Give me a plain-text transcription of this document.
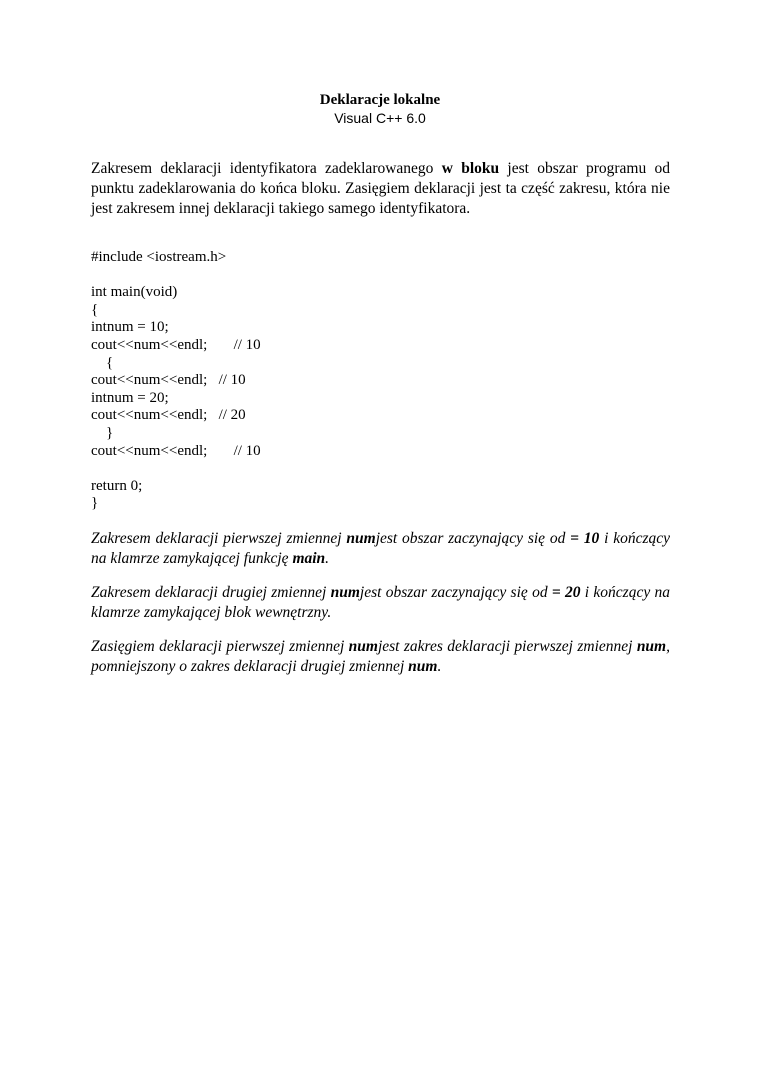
Deklaracje lokalne
Visual C++ 6.0
Zakresem deklaracji identyfikatora zadeklarowanego w bloku jest obszar programu od punktu zadeklarowania do końca bloku. Zasięgiem deklaracji jest ta część zakresu, która nie jest zakresem innej deklaracji takiego samego identyfikatora.
#include <iostream.h>
int main(void)
{
intnum = 10;
cout<<num<<endl;       // 10
{
cout<<num<<endl;   // 10
intnum = 20;
cout<<num<<endl;   // 20
}
cout<<num<<endl;       // 10
return 0;
}

Zakresem deklaracji pierwszej zmiennej numjest obszar zaczynający się od = 10 i kończący na klamrze zamykającej funkcję main.

Zakresem deklaracji drugiej zmiennej numjest obszar zaczynający się od = 20 i kończący na klamrze zamykającej blok wewnętrzny.

Zasięgiem deklaracji pierwszej zmiennej numjest zakres deklaracji pierwszej zmiennej num, pomniejszony o zakres deklaracji drugiej zmiennej num.
